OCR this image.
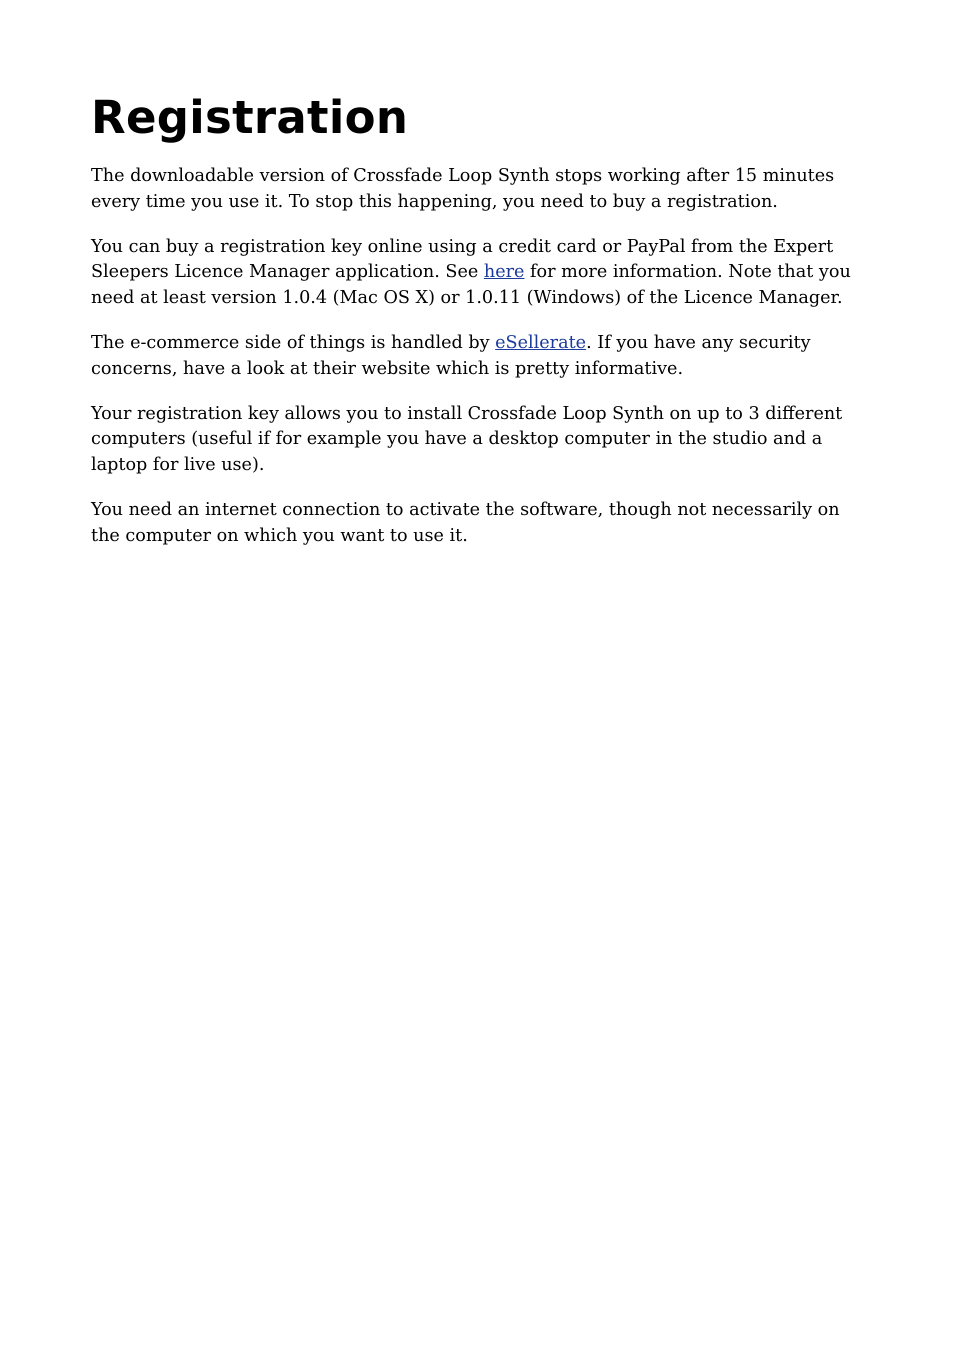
Registration

The downloadable version of Crossfade Loop Synth stops working after 15 minutes every time you use it. To stop this happening, you need to buy a registration.

You can buy a registration key online using a credit card or PayPal from the Expert Sleepers Licence Manager application. See here for more information. Note that you need at least version 1.0.4 (Mac OS X) or 1.0.11 (Windows) of the Licence Manager.

The e-commerce side of things is handled by eSellerate. If you have any security concerns, have a look at their website which is pretty informative.

Your registration key allows you to install Crossfade Loop Synth on up to 3 different computers (useful if for example you have a desktop computer in the studio and a laptop for live use).

You need an internet connection to activate the software, though not necessarily on the computer on which you want to use it.
